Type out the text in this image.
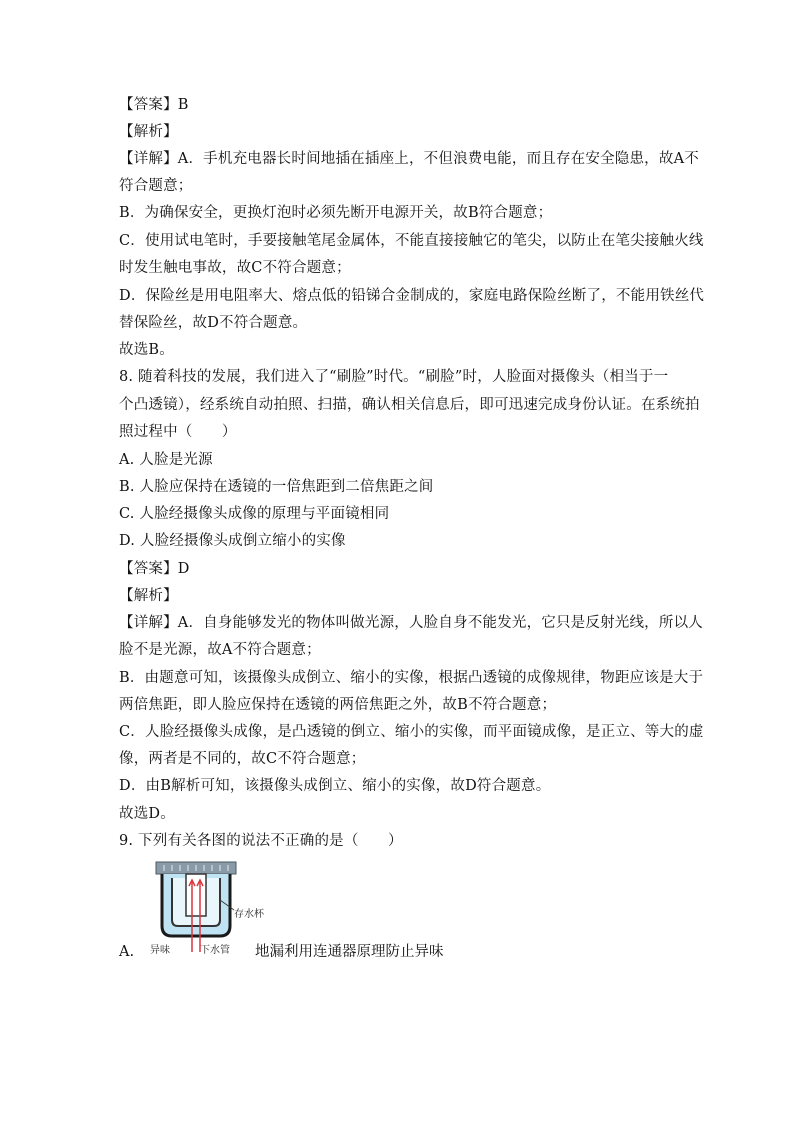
【答案】B
【解析】
【详解】A．手机充电器长时间地插在插座上，不但浪费电能，而且存在安全隐患，故A不
符合题意；
B．为确保安全，更换灯泡时必须先断开电源开关，故B符合题意；
C．使用试电笔时，手要接触笔尾金属体，不能直接接触它的笔尖，以防止在笔尖接触火线
时发生触电事故，故C不符合题意；
D．保险丝是用电阻率大、熔点低的铅锑合金制成的，家庭电路保险丝断了，不能用铁丝代
替保险丝，故D不符合题意。
故选B。
8. 随着科技的发展，我们进入了“刷脸”时代。“刷脸”时，人脸面对摄像头（相当于一
个凸透镜），经系统自动拍照、扫描，确认相关信息后，即可迅速完成身份认证。在系统拍
照过程中（　　）
A. 人脸是光源
B. 人脸应保持在透镜的一倍焦距到二倍焦距之间
C. 人脸经摄像头成像的原理与平面镜相同
D. 人脸经摄像头成倒立缩小的实像
【答案】D
【解析】
【详解】A．自身能够发光的物体叫做光源，人脸自身不能发光，它只是反射光线，所以人
脸不是光源，故A不符合题意；
B．由题意可知，该摄像头成倒立、缩小的实像，根据凸透镜的成像规律，物距应该是大于
两倍焦距，即人脸应保持在透镜的两倍焦距之外，故B不符合题意；
C．人脸经摄像头成像，是凸透镜的倒立、缩小的实像，而平面镜成像，是正立、等大的虚
像，两者是不同的，故C不符合题意；
D．由B解析可知，该摄像头成倒立、缩小的实像，故D符合题意。
故选D。
9. 下列有关各图的说法不正确的是（　　）
存水杯
异味	下水管
A.	地漏利用连通器原理防止异味
